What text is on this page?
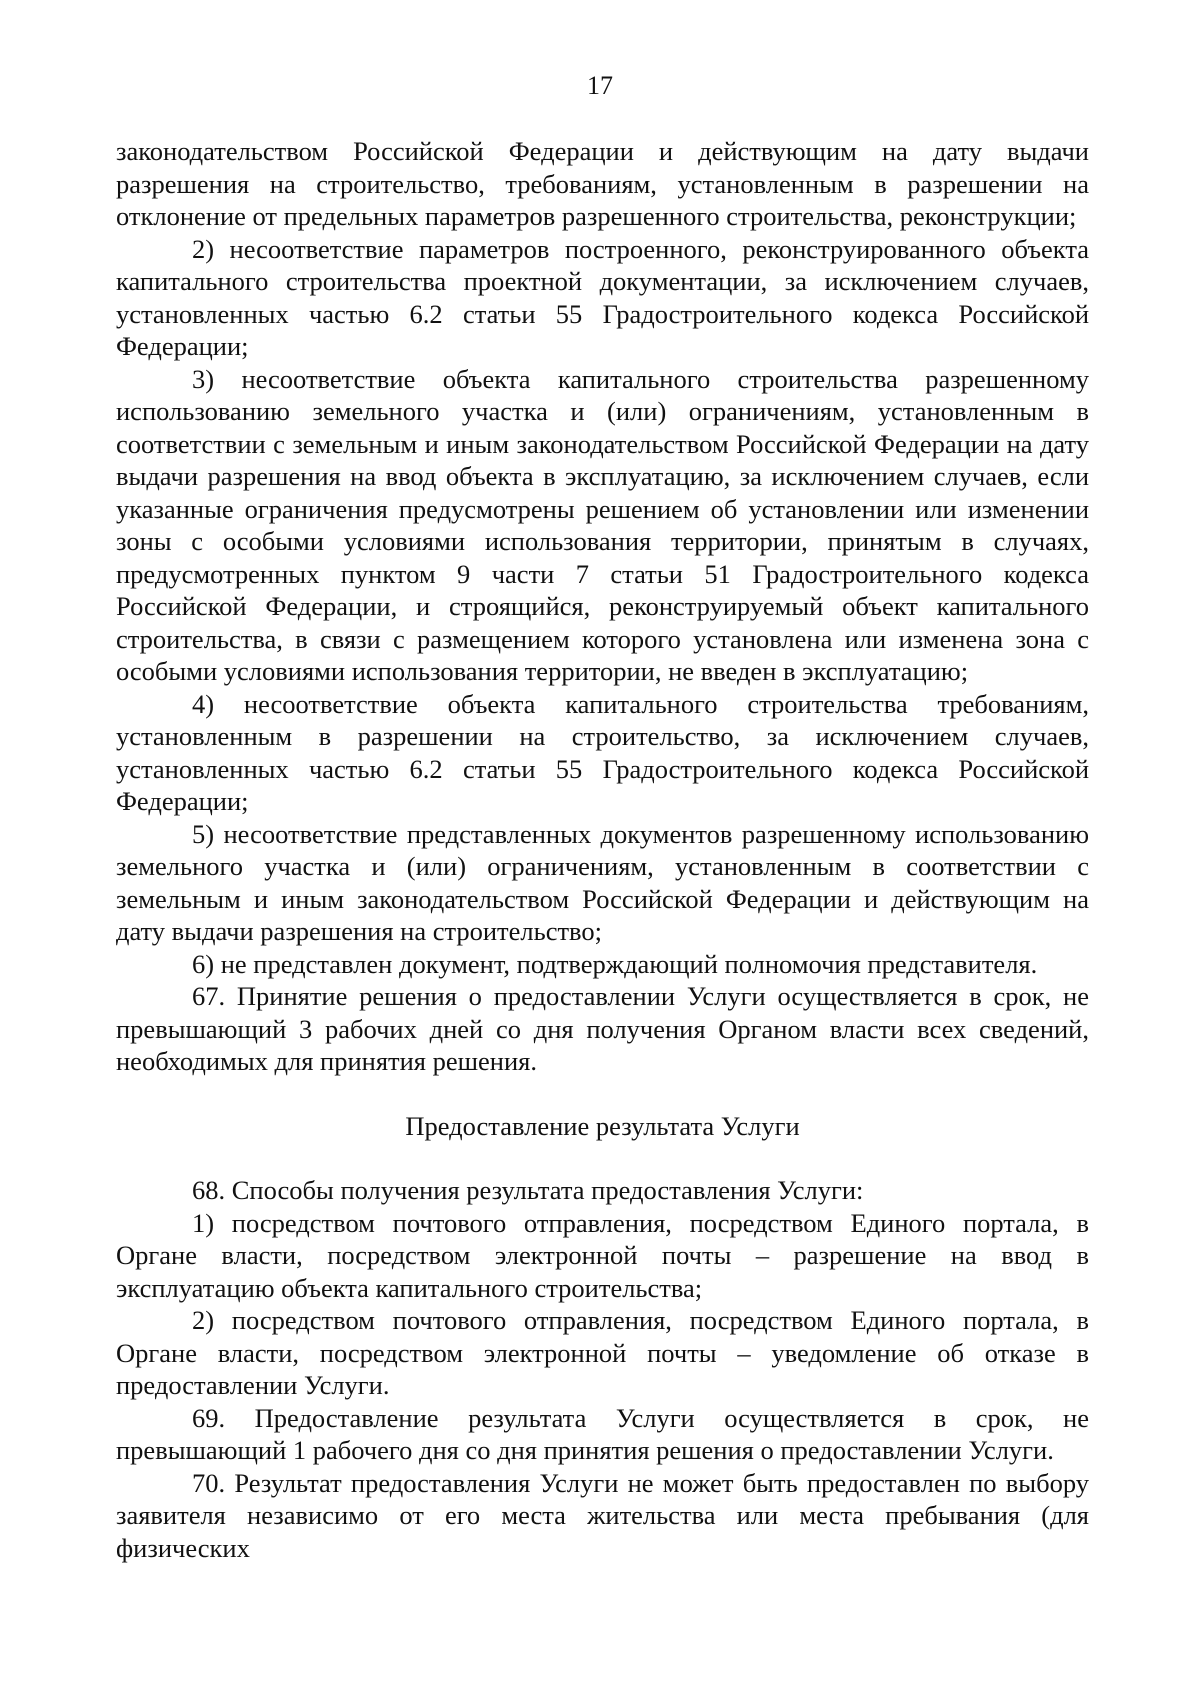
17

законодательством Российской Федерации и действующим на дату выдачи разрешения на строительство, требованиям, установленным в разрешении на отклонение от предельных параметров разрешенного строительства, реконструкции;

2) несоответствие параметров построенного, реконструированного объекта капитального строительства проектной документации, за исключением случаев, установленных частью 6.2 статьи 55 Градостроительного кодекса Российской Федерации;

3) несоответствие объекта капитального строительства разрешенному использованию земельного участка и (или) ограничениям, установленным в соответствии с земельным и иным законодательством Российской Федерации на дату выдачи разрешения на ввод объекта в эксплуатацию, за исключением случаев, если указанные ограничения предусмотрены решением об установлении или изменении зоны с особыми условиями использования территории, принятым в случаях, предусмотренных пунктом 9 части 7 статьи 51 Градостроительного кодекса Российской Федерации, и строящийся, реконструируемый объект капитального строительства, в связи с размещением которого установлена или изменена зона с особыми условиями использования территории, не введен в эксплуатацию;

4) несоответствие объекта капитального строительства требованиям, установленным в разрешении на строительство, за исключением случаев, установленных частью 6.2 статьи 55 Градостроительного кодекса Российской Федерации;

5) несоответствие представленных документов разрешенному использованию земельного участка и (или) ограничениям, установленным в соответствии с земельным и иным законодательством Российской Федерации и действующим на дату выдачи разрешения на строительство;

6) не представлен документ, подтверждающий полномочия представителя.

67. Принятие решения о предоставлении Услуги осуществляется в срок, не превышающий 3 рабочих дней со дня получения Органом власти всех сведений, необходимых для принятия решения.

Предоставление результата Услуги

68. Способы получения результата предоставления Услуги:

1) посредством почтового отправления, посредством Единого портала, в Органе власти, посредством электронной почты – разрешение на ввод в эксплуатацию объекта капитального строительства;

2) посредством почтового отправления, посредством Единого портала, в Органе власти, посредством электронной почты – уведомление об отказе в предоставлении Услуги.

69. Предоставление результата Услуги осуществляется в срок, не превышающий 1 рабочего дня со дня принятия решения о предоставлении Услуги.

70. Результат предоставления Услуги не может быть предоставлен по выбору заявителя независимо от его места жительства или места пребывания (для физических
